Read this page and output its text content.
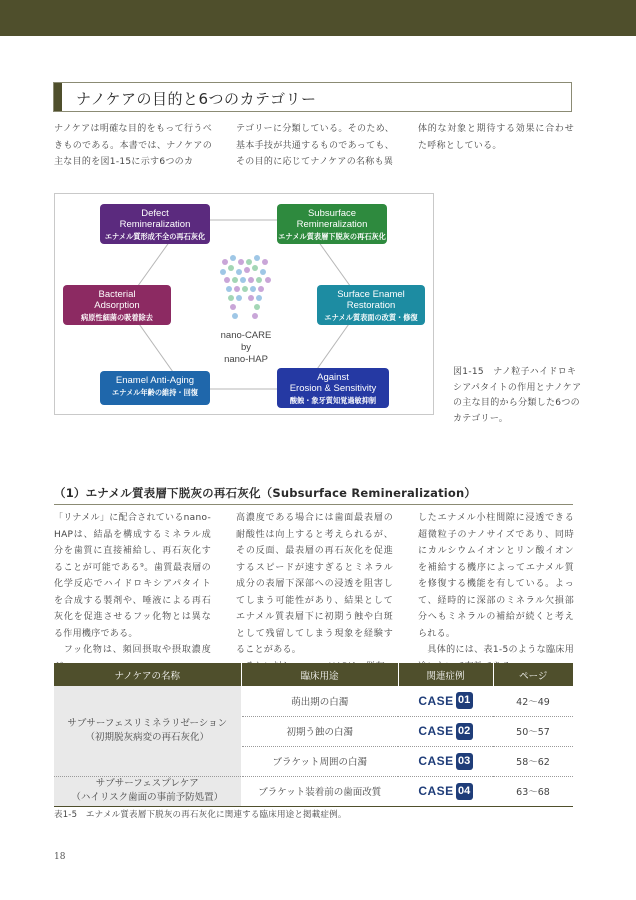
ナノケアの目的と6つのカテゴリー
ナノケアは明確な目的をもって行うべきものである。本書では、ナノケアの主な目的を図1-15に示す6つのカ
テゴリーに分類している。そのため、基本手技が共通するものであっても、その目的に応じてナノケアの名称も異
体的な対象と期待する効果に合わせた呼称としている。
nano-CARE
by
nano-HAP
Defect
Remineralization
エナメル質形成不全の再石灰化
Subsurface
Remineralization
エナメル質表層下脱灰の再石灰化
Bacterial
Adsorption
病原性細菌の吸着除去
Surface Enamel
Restoration
エナメル質表面の改質・修復
Enamel Anti-Aging
エナメル年齢の維持・回復
Against
Erosion & Sensitivity
酸蝕・象牙質知覚過敏抑制
図1-15　ナノ粒子ハイドロキシアパタイトの作用とナノケアの主な目的から分類した6つのカテゴリー。
（1）エナメル質表層下脱灰の再石灰化（Subsurface Remineralization）
「リナメル」に配合されているnano-HAPは、結晶を構成するミネラル成分を歯質に直接補給し、再石灰化することが可能である⁹。歯質最表層の化学反応でハイドロキシアパタイトを合成する製剤や、唾液による再石灰化を促進させるフッ化物とは異なる作用機序である。
　フッ化物は、頻回摂取や摂取濃度
高濃度である場合には歯面最表層の耐酸性は向上すると考えられるが、その反面、最表層の再石灰化を促進するスピードが速すぎるとミネラル成分の表層下深部への浸透を阻害してしまう可能性があり、結果としてエナメル質表層下に初期う蝕や白斑として残留してしまう現象を経験することがある。

したエナメル小柱間隙に浸透できる超微粒子のナノサイズであり、同時にカルシウムイオンとリン酸イオンを補給する機序によってエナメル質を修復する機能を有している。よって、経時的に深部のミネラル欠損部分へもミネラルの補給が続くと考えられる。
　具体的には、表1-5のような臨床用
ナノケアの名称	臨床用途	関連症例	ページ
サブサーフェスリミネラリゼーション
（初期脱灰病変の再石灰化）	萌出期の白濁	CASE 01	42〜49
	初期う蝕の白濁	CASE 02	50〜57
	ブラケット周囲の白濁	CASE 03	58〜62
サブサーフェスプレケア
（ハイリスク歯面の事前予防処置）	ブラケット装着前の歯面改質	CASE 04	63〜68
表1-5　エナメル質表層下脱灰の再石灰化に関連する臨床用途と掲載症例。
18
